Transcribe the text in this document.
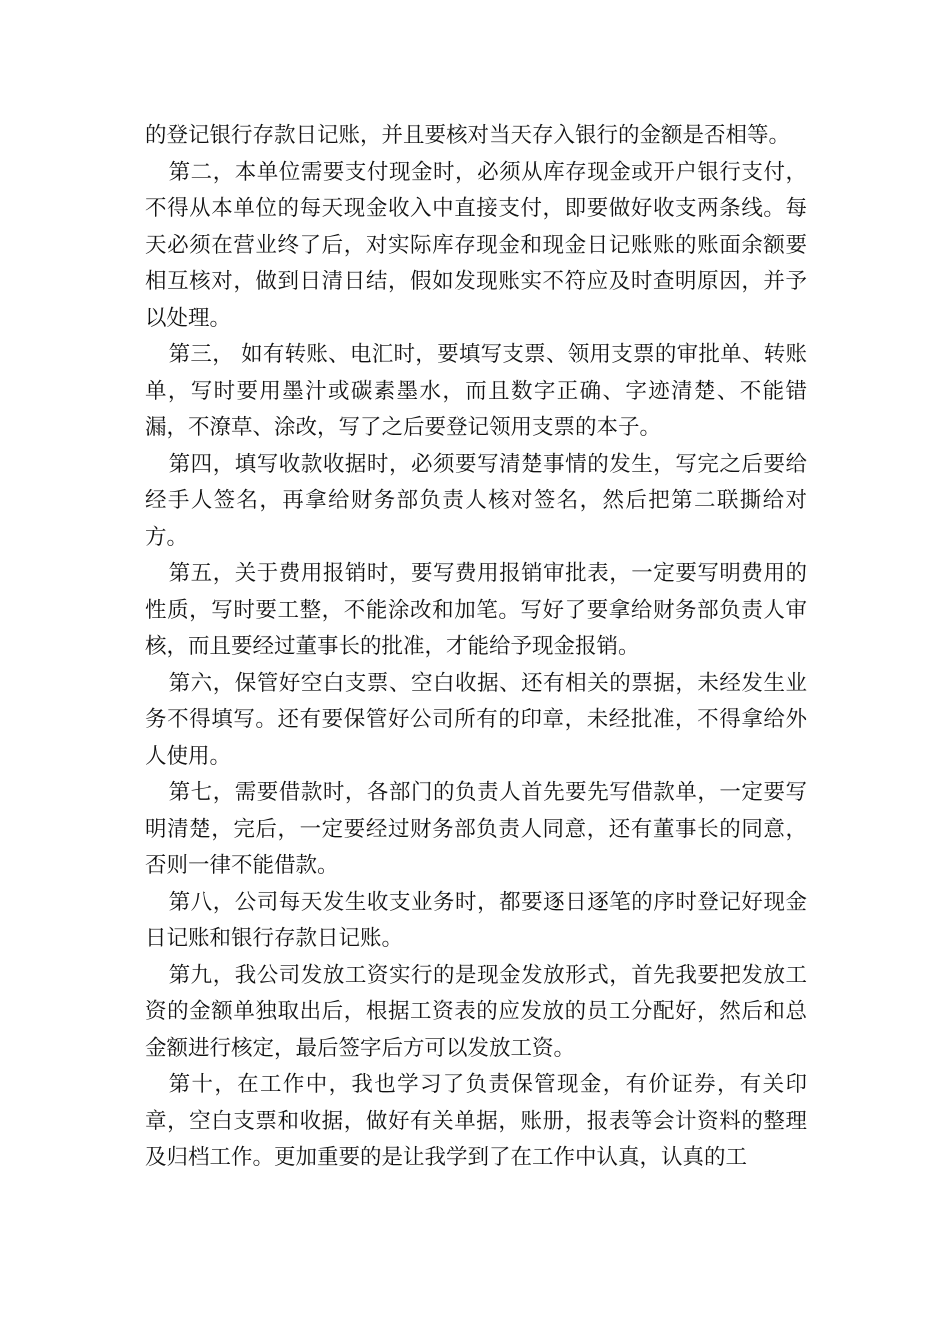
的登记银行存款日记账，并且要核对当天存入银行的金额是否相等。

第二，本单位需要支付现金时，必须从库存现金或开户银行支付，不得从本单位的每天现金收入中直接支付，即要做好收支两条线。每天必须在营业终了后，对实际库存现金和现金日记账账的账面余额要相互核对，做到日清日结，假如发现账实不符应及时查明原因，并予以处理。

第三， 如有转账、电汇时，要填写支票、领用支票的审批单、转账单，写时要用墨汁或碳素墨水，而且数字正确、字迹清楚、不能错漏，不潦草、涂改，写了之后要登记领用支票的本子。

第四，填写收款收据时，必须要写清楚事情的发生，写完之后要给经手人签名，再拿给财务部负责人核对签名，然后把第二联撕给对方。

第五，关于费用报销时，要写费用报销审批表，一定要写明费用的性质，写时要工整，不能涂改和加笔。写好了要拿给财务部负责人审核，而且要经过董事长的批准，才能给予现金报销。

第六，保管好空白支票、空白收据、还有相关的票据，未经发生业务不得填写。还有要保管好公司所有的印章，未经批准，不得拿给外人使用。

第七，需要借款时，各部门的负责人首先要先写借款单，一定要写明清楚，完后，一定要经过财务部负责人同意，还有董事长的同意，否则一律不能借款。

第八，公司每天发生收支业务时，都要逐日逐笔的序时登记好现金日记账和银行存款日记账。

第九，我公司发放工资实行的是现金发放形式，首先我要把发放工资的金额单独取出后，根据工资表的应发放的员工分配好，然后和总金额进行核定，最后签字后方可以发放工资。

第十，在工作中，我也学习了负责保管现金，有价证券，有关印章，空白支票和收据，做好有关单据，账册，报表等会计资料的整理及归档工作。更加重要的是让我学到了在工作中认真，认真的工
